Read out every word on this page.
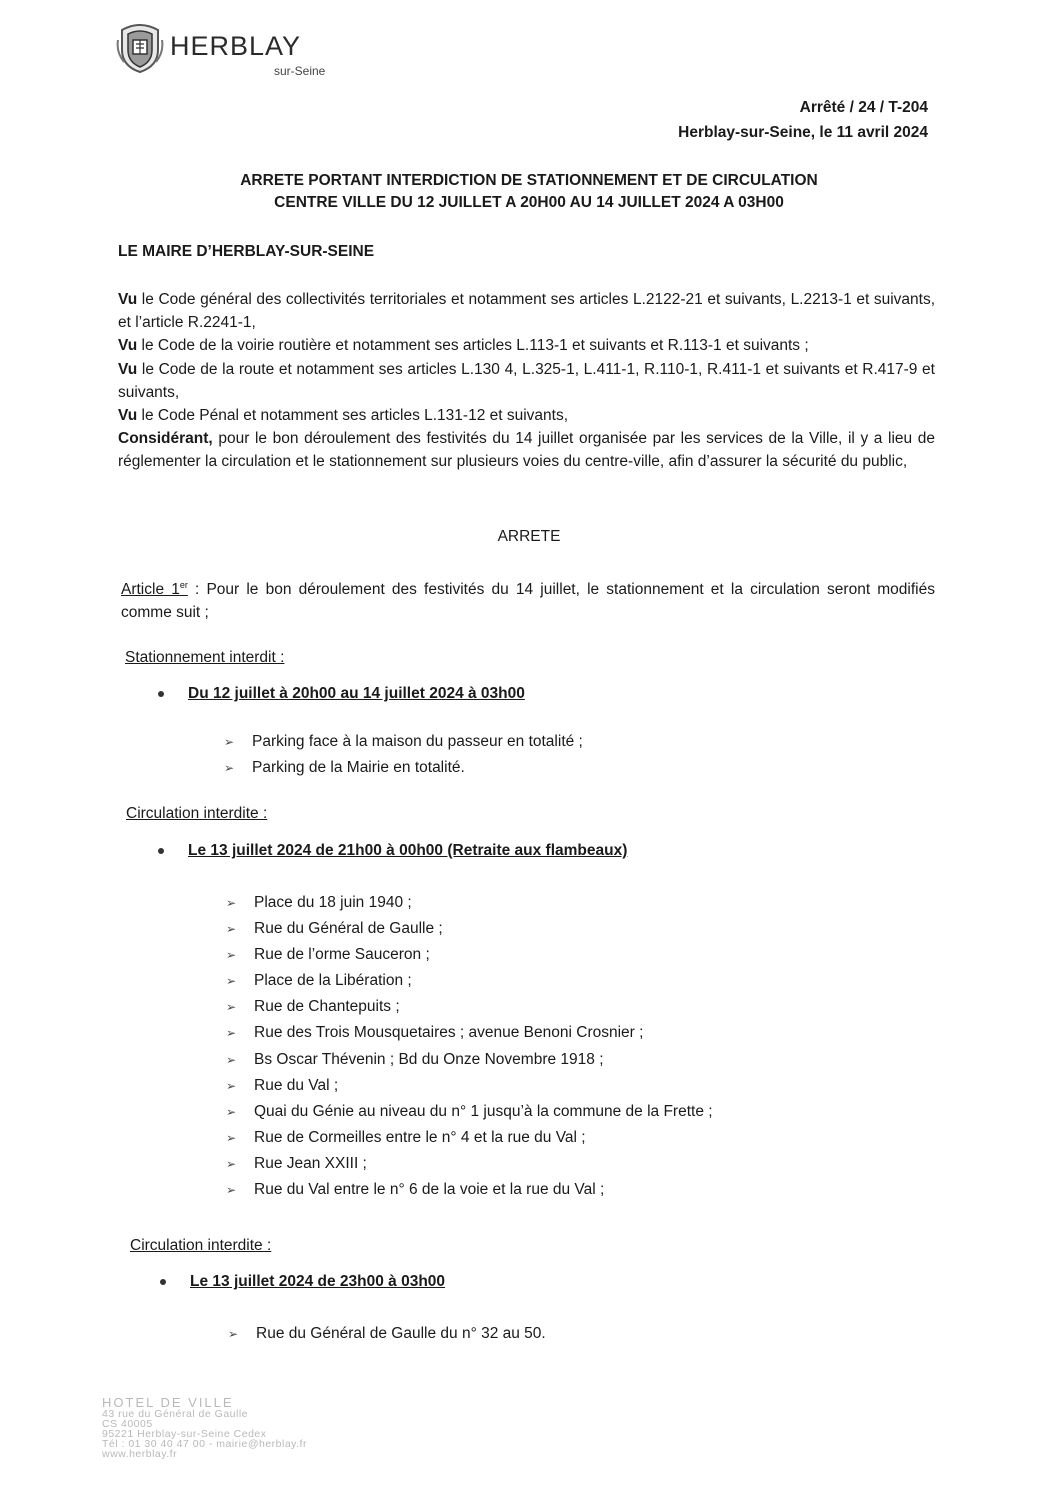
HERBLAY
sur-Seine
Arrêté / 24 / T-204
Herblay-sur-Seine, le 11 avril 2024
ARRETE PORTANT INTERDICTION DE STATIONNEMENT ET DE CIRCULATION
CENTRE VILLE DU 12 JUILLET A 20H00 AU 14 JUILLET 2024 A 03H00
LE MAIRE D’HERBLAY-SUR-SEINE

Vu le Code général des collectivités territoriales et notamment ses articles L.2122-21 et suivants, L.2213-1 et suivants, et l’article R.2241-1,

Vu le Code de la voirie routière et notamment ses articles L.113-1 et suivants et R.113-1 et suivants ;

Vu le Code de la route et notamment ses articles L.130 4, L.325-1, L.411-1, R.110-1, R.411-1 et suivants et R.417-9 et suivants,

Vu le Code Pénal et notamment ses articles L.131-12 et suivants,

Considérant, pour le bon déroulement des festivités du 14 juillet organisée par les services de la Ville, il y a lieu de réglementer la circulation et le stationnement sur plusieurs voies du centre-ville, afin d’assurer la sécurité du public,

ARRETE
Article 1er : Pour le bon déroulement des festivités du 14 juillet, le stationnement et la circulation seront modifiés comme suit ;
Stationnement interdit :
Du 12 juillet à 20h00 au 14 juillet 2024 à 03h00
➢ Parking face à la maison du passeur en totalité ;
➢ Parking de la Mairie en totalité.
Circulation interdite :
Le 13 juillet 2024 de 21h00 à 00h00 (Retraite aux flambeaux)
➢ Place du 18 juin 1940 ;
➢ Rue du Général de Gaulle ;
➢ Rue de l’orme Sauceron ;
➢ Place de la Libération ;
➢ Rue de Chantepuits ;
➢ Rue des Trois Mousquetaires ; avenue Benoni Crosnier ;
➢ Bs Oscar Thévenin ; Bd du Onze Novembre 1918 ;
➢ Rue du Val ;
➢ Quai du Génie au niveau du n° 1 jusqu’à la commune de la Frette ;
➢ Rue de Cormeilles entre le n° 4 et la rue du Val ;
➢ Rue Jean XXIII ;
➢ Rue du Val entre le n° 6 de la voie et la rue du Val ;
Circulation interdite :
Le 13 juillet 2024 de 23h00 à 03h00
➢ Rue du Général de Gaulle du n° 32 au 50.
HOTEL DE VILLE
43 rue du Général de Gaulle
CS 40005
95221 Herblay-sur-Seine Cedex
Tél : 01 30 40 47 00 - mairie@herblay.fr
www.herblay.fr
